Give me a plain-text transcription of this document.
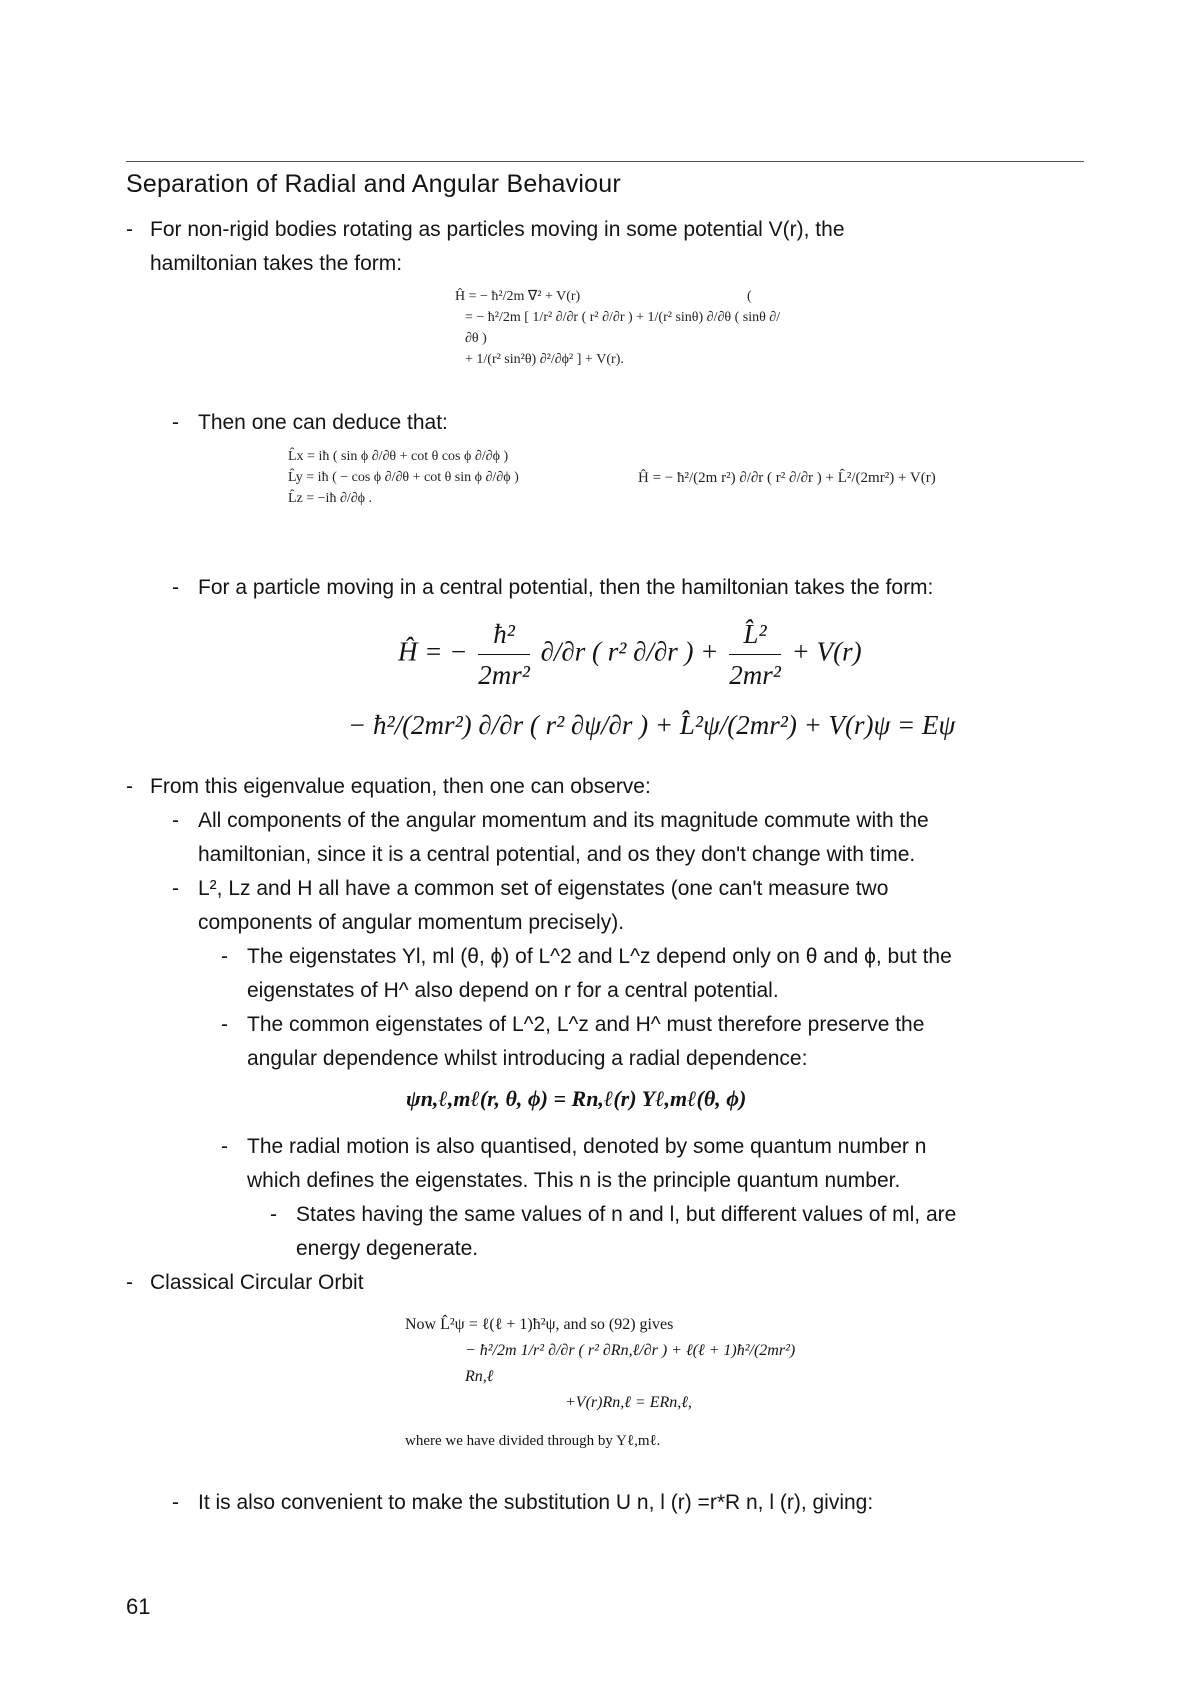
Separation of Radial and Angular Behaviour
- For non-rigid bodies rotating as particles moving in some potential V(r), the
hamiltonian takes the form:
Ĥ = − ħ²/2m ∇² + V(r)
= − ħ²/2m [ 1/r² ∂/∂r ( r² ∂/∂r ) + 1/(r² sinθ) ∂/∂θ ( sinθ ∂/∂θ )
+ 1/(r² sin²θ) ∂²/∂ϕ² ] + V(r).
(
- Then one can deduce that:
L̂x = iħ ( sin ϕ ∂/∂θ + cot θ cos ϕ ∂/∂ϕ )
L̂y = iħ ( − cos ϕ ∂/∂θ + cot θ sin ϕ ∂/∂ϕ )
L̂z = −iħ ∂/∂ϕ .
Ĥ = − ħ²/(2m r²) ∂/∂r ( r² ∂/∂r ) + L̂²/(2mr²) + V(r)
- For a particle moving in a central potential, then the hamiltonian takes the form:
Ĥ = − $\frac{\text{ħ²}}{\text{2mr²}} \partial/\partial r$ ( r² ∂/∂r ) + $\frac{\text{L̂²}}{\text{2mr²}} + V(r)$
− ħ²/(2mr²) ∂/∂r ( r² ∂ψ/∂r ) + L̂²ψ/(2mr²) + V(r)ψ = Eψ
- From this eigenvalue equation, then one can observe:
- All components of the angular momentum and its magnitude commute with the
hamiltonian, since it is a central potential, and os they don't change with time.
- L², Lz and H all have a common set of eigenstates (one can't measure two
components of angular momentum precisely).
- The eigenstates Yl, ml (θ, ϕ) of L^2 and L^z depend only on θ and ϕ, but the
eigenstates of H^ also depend on r for a central potential.
- The common eigenstates of L^2, L^z and H^ must therefore preserve the
angular dependence whilst introducing a radial dependence:
ψn,ℓ,mℓ(r, θ, ϕ) = Rn,ℓ(r) Yℓ,mℓ(θ, ϕ)
- The radial motion is also quantised, denoted by some quantum number n
which defines the eigenstates. This n is the principle quantum number.
- States having the same values of n and l, but different values of ml, are
energy degenerate.
- Classical Circular Orbit
Now L̂²ψ = ℓ(ℓ + 1)ħ²ψ, and so (92) gives
− ħ²/2m 1/r² ∂/∂r ( r² ∂Rn,ℓ/∂r ) + ℓ(ℓ + 1)ħ²/(2mr²) Rn,ℓ
+V(r)Rn,ℓ = ERn,ℓ,
where we have divided through by Yℓ,mℓ.
- It is also convenient to make the substitution U n, l (r) =r*R n, l (r), giving:
61
